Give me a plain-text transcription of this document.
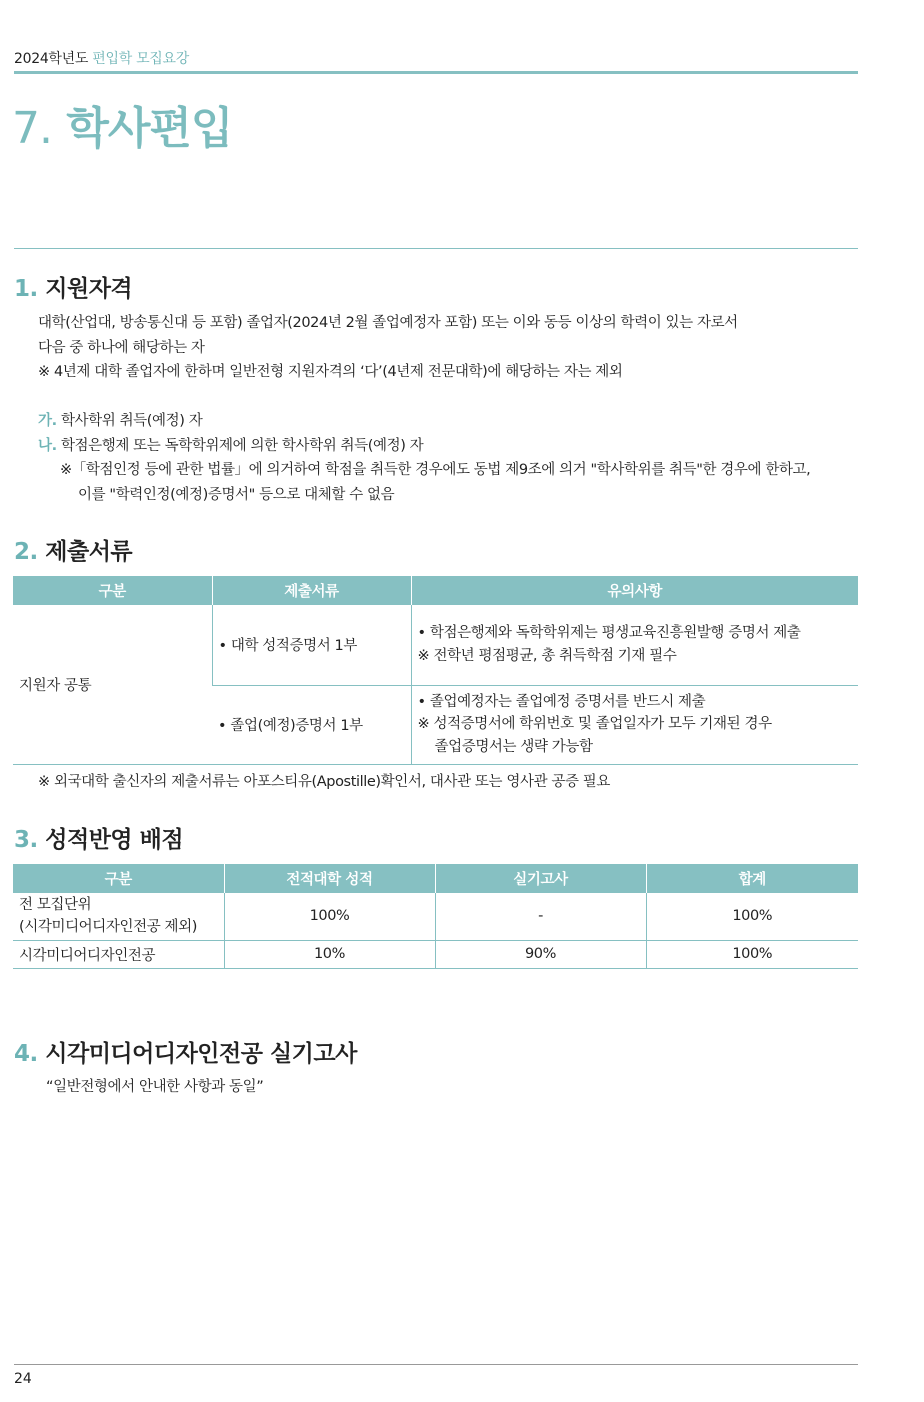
2024학년도 편입학 모집요강
7. 학사편입
1. 지원자격
대학(산업대, 방송통신대 등 포함) 졸업자(2024년 2월 졸업예정자 포함) 또는 이와 동등 이상의 학력이 있는 자로서
다음 중 하나에 해당하는 자
※ 4년제 대학 졸업자에 한하며 일반전형 지원자격의 ‘다’(4년제 전문대학)에 해당하는 자는 제외
가. 학사학위 취득(예정) 자
나. 학점은행제 또는 독학학위제에 의한 학사학위 취득(예정) 자
※「학점인정 등에 관한 법률」에 의거하여 학점을 취득한 경우에도 동법 제9조에 의거 "학사학위를 취득"한 경우에 한하고,
이를 "학력인정(예정)증명서" 등으로 대체할 수 없음
2. 제출서류
구분	제출서류	유의사항
지원자 공통	• 대학 성적증명서 1부	• 학점은행제와 독학학위제는 평생교육진흥원발행 증명서 제출
※ 전학년 평점평균, 총 취득학점 기재 필수

	• 졸업(예정)증명서 1부	• 졸업예정자는 졸업예정 증명서를 반드시 제출
※ 성적증명서에 학위번호 및 졸업일자가 모두 기재된 경우
졸업증명서는 생략 가능함
※ 외국대학 출신자의 제출서류는 아포스티유(Apostille)확인서, 대사관 또는 영사관 공증 필요
3. 성적반영 배점
구분	전적대학 성적	실기고사	합계

전 모집단위
(시각미디어디자인전공 제외)	100%	-	100%
시각미디어디자인전공	10%	90%	100%
4. 시각미디어디자인전공 실기고사
“일반전형에서 안내한 사항과 동일”
24
